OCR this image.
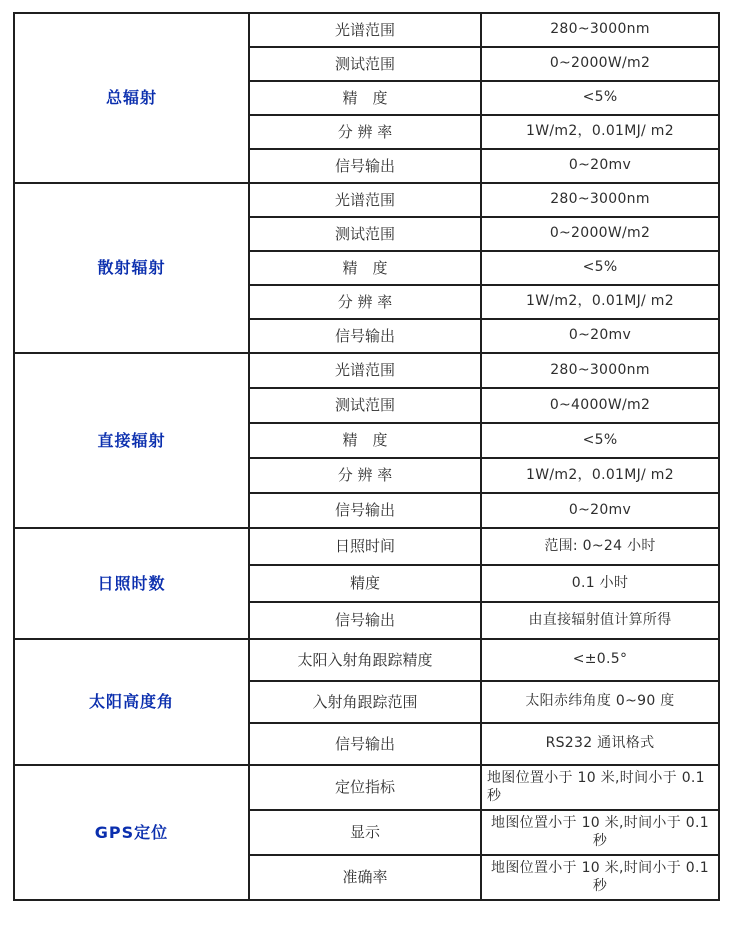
总辐射	光谱范围	280~3000nm
	测试范围	0~2000W/m2
	精　度	<5%
	分 辨 率	1W/m2，0.01MJ/ m2
	信号输出	0~20mv
散射辐射	光谱范围	280~3000nm
	测试范围	0~2000W/m2
	精　度	<5%
	分 辨 率	1W/m2，0.01MJ/ m2
	信号输出	0~20mv
直接辐射	光谱范围	280~3000nm
	测试范围	0~4000W/m2
	精　度	<5%
	分 辨 率	1W/m2，0.01MJ/ m2
	信号输出	0~20mv
日照时数	日照时间	范围: 0~24 小时
	精度	0.1 小时
	信号输出	由直接辐射值计算所得
太阳高度角	太阳入射角跟踪精度	<±0.5°
	入射角跟踪范围	太阳赤纬角度 0~90 度
	信号输出	RS232 通讯格式
GPS定位	定位指标	地图位置小于 10 米,时间小于 0.1 秒
	显示	地图位置小于 10 米,时间小于 0.1 秒
	准确率	地图位置小于 10 米,时间小于 0.1 秒
